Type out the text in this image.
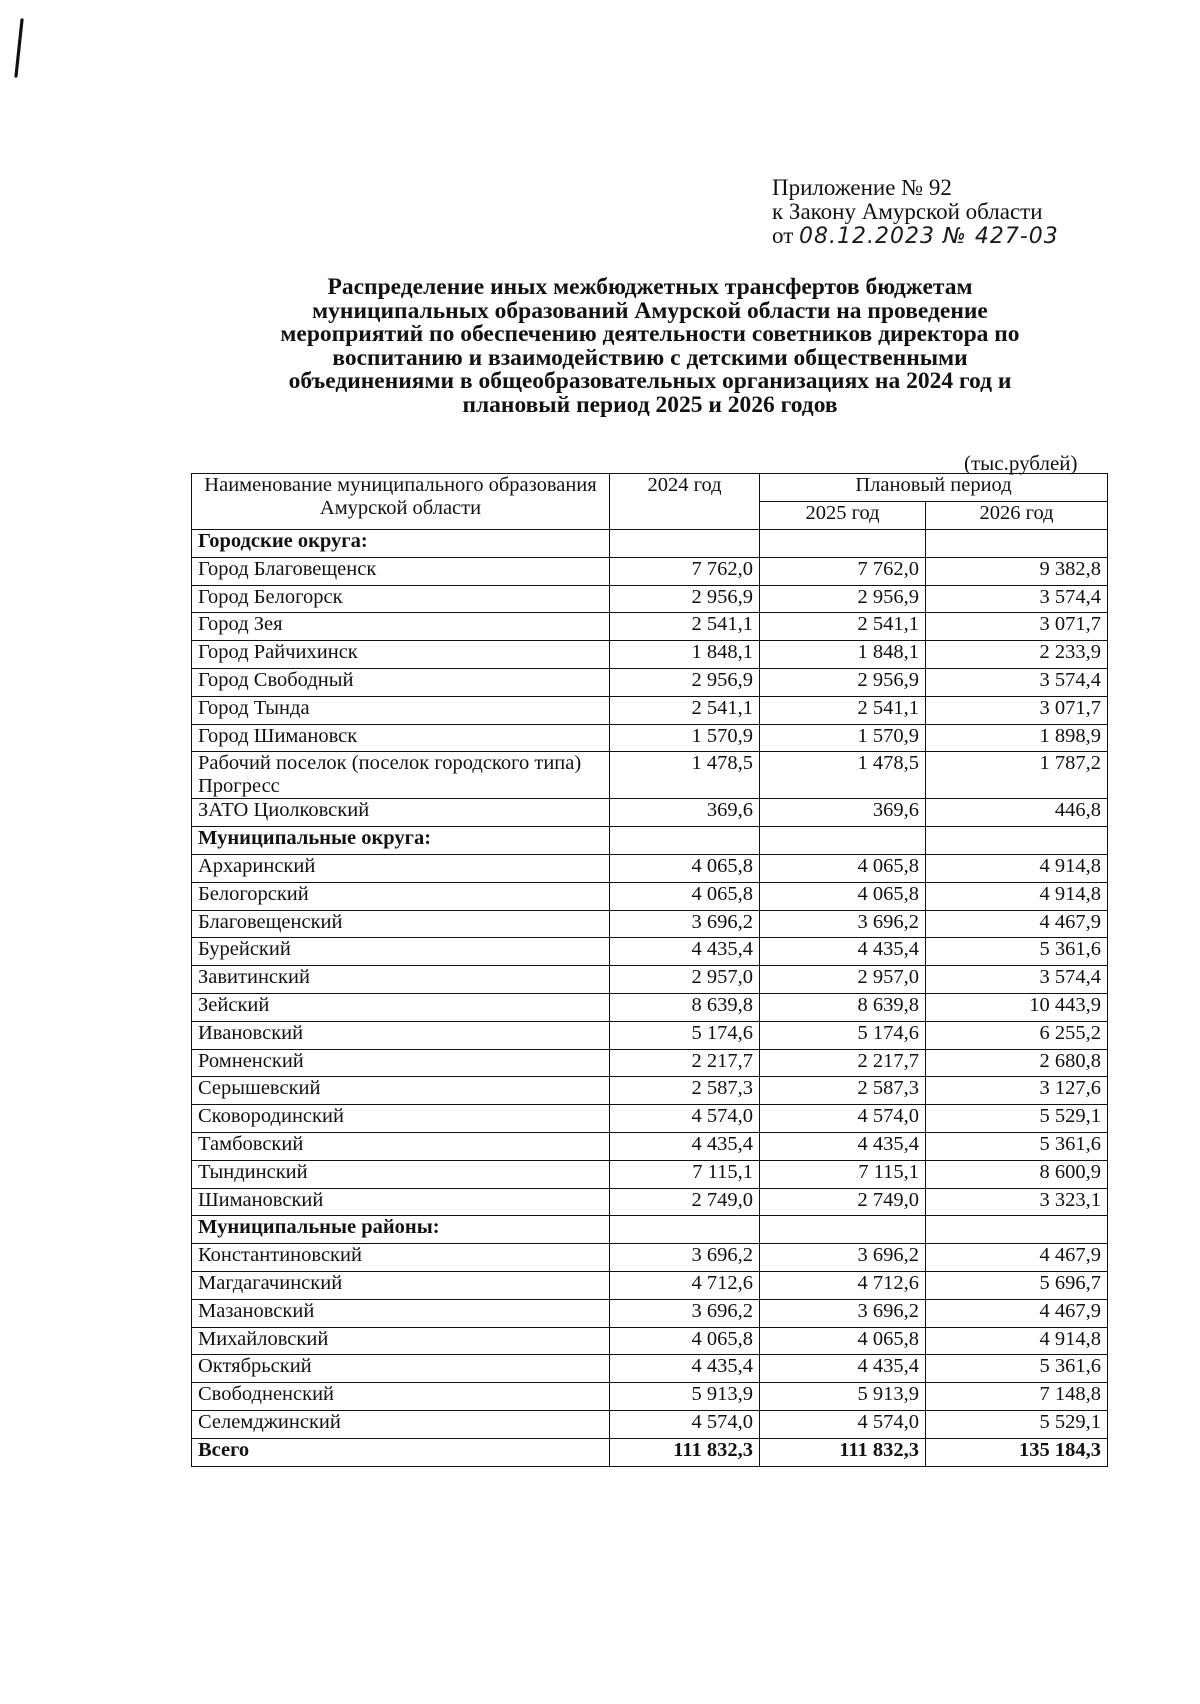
Приложение № 92
к Закону Амурской области
от 08.12.2023 № 427-03
Распределение иных межбюджетных трансфертов бюджетам
муниципальных образований Амурской области на проведение
мероприятий по обеспечению деятельности советников директора по
воспитанию и взаимодействию с детскими общественными
объединениями в общеобразовательных организациях на 2024 год и
плановый период 2025 и 2026 годов
(тыс.рублей)
Наименование муниципального образования Амурской области	2024 год	Плановый период	
		2025 год	2026 год
Городские округа:			
Город Благовещенск	7 762,0	7 762,0	9 382,8
Город Белогорск	2 956,9	2 956,9	3 574,4
Город Зея	2 541,1	2 541,1	3 071,7
Город Райчихинск	1 848,1	1 848,1	2 233,9
Город Свободный	2 956,9	2 956,9	3 574,4
Город Тында	2 541,1	2 541,1	3 071,7
Город Шимановск	1 570,9	1 570,9	1 898,9
Рабочий поселок (поселок городского типа) Прогресс	1 478,5	1 478,5	1 787,2
ЗАТО Циолковский	369,6	369,6	446,8
Муниципальные округа:			
Архаринский	4 065,8	4 065,8	4 914,8
Белогорский	4 065,8	4 065,8	4 914,8
Благовещенский	3 696,2	3 696,2	4 467,9
Бурейский	4 435,4	4 435,4	5 361,6
Завитинский	2 957,0	2 957,0	3 574,4
Зейский	8 639,8	8 639,8	10 443,9
Ивановский	5 174,6	5 174,6	6 255,2
Ромненский	2 217,7	2 217,7	2 680,8
Серышевский	2 587,3	2 587,3	3 127,6
Сковородинский	4 574,0	4 574,0	5 529,1
Тамбовский	4 435,4	4 435,4	5 361,6
Тындинский	7 115,1	7 115,1	8 600,9
Шимановский	2 749,0	2 749,0	3 323,1
Муниципальные районы:			
Константиновский	3 696,2	3 696,2	4 467,9
Магдагачинский	4 712,6	4 712,6	5 696,7
Мазановский	3 696,2	3 696,2	4 467,9
Михайловский	4 065,8	4 065,8	4 914,8
Октябрьский	4 435,4	4 435,4	5 361,6
Свободненский	5 913,9	5 913,9	7 148,8
Селемджинский	4 574,0	4 574,0	5 529,1
Всего	111 832,3	111 832,3	135 184,3
